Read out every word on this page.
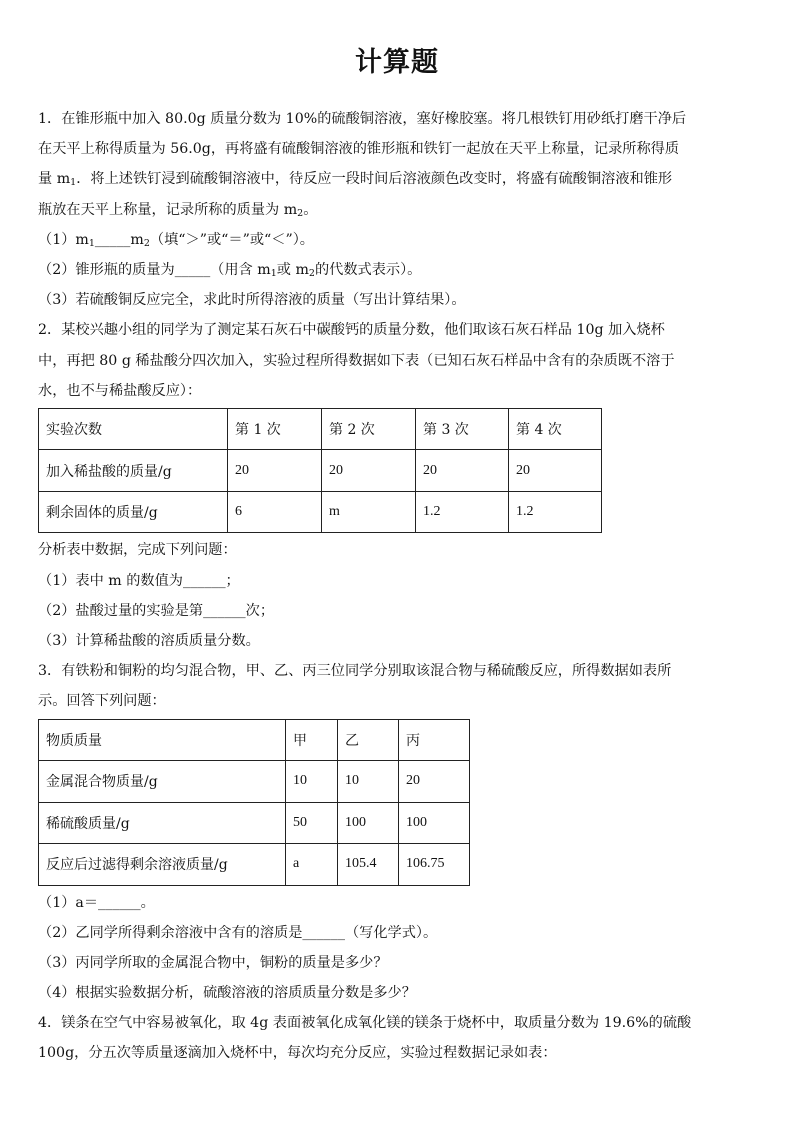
计算题
1．在锥形瓶中加入 80.0g 质量分数为 10%的硫酸铜溶液，塞好橡胶塞。将几根铁钉用砂纸打磨干净后
在天平上称得质量为 56.0g，再将盛有硫酸铜溶液的锥形瓶和铁钉一起放在天平上称量，记录所称得质
量 $m_1$．将上述铁钉浸到硫酸铜溶液中，待反应一段时间后溶液颜色改变时，将盛有硫酸铜溶液和锥形
瓶放在天平上称量，记录所称的质量为 $m_2$。
$(1)m_1\_\_\_\_\_m_2$（填“＞”或“＝”或“＜”）。
（2）锥形瓶的质量为_____（用含 $m_1$或 $m_2$的代数式表示）。
（3）若硫酸铜反应完全，求此时所得溶液的质量（写出计算结果）。
2．某校兴趣小组的同学为了测定某石灰石中碳酸钙的质量分数，他们取该石灰石样品 10g 加入烧杯
中，再把 80 g 稀盐酸分四次加入，实验过程所得数据如下表（已知石灰石样品中含有的杂质既不溶于
水，也不与稀盐酸反应）：
实验次数	第 1 次	第 2 次	第 3 次	第 4 次
加入稀盐酸的质量/g	20	20	20	20
剩余固体的质量/g	6	m	1.2	1.2
分析表中数据，完成下列问题：
（1）表中 m 的数值为______；
（2）盐酸过量的实验是第______次；
（3）计算稀盐酸的溶质质量分数。
3．有铁粉和铜粉的均匀混合物，甲、乙、丙三位同学分别取该混合物与稀硫酸反应，所得数据如表所
示。回答下列问题：
物质质量	甲	乙	丙
金属混合物质量/g	10	10	20
稀硫酸质量/g	50	100	100
反应后过滤得剩余溶液质量/g	a	105.4	106.75
（1）a＝______。
（2）乙同学所得剩余溶液中含有的溶质是______（写化学式）。
（3）丙同学所取的金属混合物中，铜粉的质量是多少？
（4）根据实验数据分析，硫酸溶液的溶质质量分数是多少？
4．镁条在空气中容易被氧化，取 4g 表面被氧化成氧化镁的镁条于烧杯中，取质量分数为 19.6%的硫酸
100g，分五次等质量逐滴加入烧杯中，每次均充分反应，实验过程数据记录如表：
